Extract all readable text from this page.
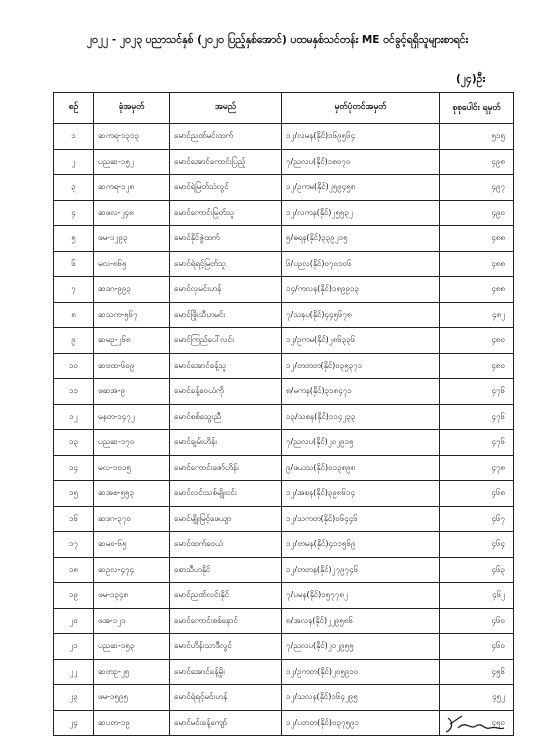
၂၀၂၂ - ၂၀၂၃ ပညာသင်နှစ် (၂၀၂၀ ပြည့်နှစ်အောင်) ပထမနှစ်သင်တန်း ME ဝင်ခွင့်ရရှိသူများစာရင်း
(၂၄)ဦး
စဉ်	ခုံအမှတ်	အမည်	မှတ်ပုံတင်အမှတ်	စုစုပေါင်း ရမှတ်
၁	ဆကရ-၁၃၁၃	မောင်ညဏ်မင်းထက်	၁၂/လမန(နိုင်)၁၆၉၅၆၄	၅၁၅
၂	ပညဆ-၁၅၂	မောင်အောင်ကောင်းပြည့်	၇/ညလပ(နိုင်)၁၈၀၇၀	၄၉၈
၃	ဆကရ-၁၂၈	မောင်ရဲမြတ်သံလွင်	၁၂/ဥကမ(နိုင်)၂၅၉၄၅၈	၄၉၇
၄	ဆဖလ-၂၄၈	မောင်ကောင်းမြတ်သူ	၁၂/လကန(နိုင်)၂၅၅၃၂	၄၉၀
၅	ဖမ-၁၂၉၃	မောင်နိုင်ဇွဲထက်	၅/ဓရန(နိုင်)၃၃၉၂၁၅	၄၈၈
၆	မလ-၈၆၅	မောင်ရဲရင့်မြတ်သူ	၆/ပဉလ(နိုင်)၀၇၀၁၀၆	၄၈၈
၇	ဆဒဂ-၉၉၃	မောင်လှမင်းဟန်	၁၄/ကလန(နိုင်)၁၈၉၉၁၃	၄၈၈
၈	ဆသက-၅၆၇	မောင်ဖြိုးသီဟမင်း	၇/သနပ(နိုင်)၄၄၅၆၇၈	၄၈၂
၉	ဆမဉ-၂၆၈	မောင်ကြည်ပေါ်လင်း	၁၂/ဥကမ(နိုင်)၂၈၆၃၃၆	၄၈၀
၁၀	ဆဗထ-၆၀၉	မောင်အောင်ခန့်သူ	၁၂/တတတ(နိုင်)၀၃၅၃၇၁	၄၈၀
၁၁	ဖဆအ-၉	မောင်ခန့်ဝေယံကို	၈/မကန(နိုင်)၃၁၈၄၇၁	၄၇၆
၁၂	မနတ-၁၄၇၂	မောင်စစ်သွေးညီ	၁၃/သစန(နိုင်)၁၁၄၂၃၃	၄၇၆
၁၃	ပညဆ-၁၇၀	မောင်ချမ်းဟိန်း	၇/ညလပ(နိုင်)၂၀၂၉၁၅	၄၇၆
၁၄	မလ-၁၀၁၅	မောင်ကောင်းဇော်ဟိန်း	၉/ဖယသ(နိုင်)၀၁၃၈၉၈	၄၇၈
၁၅	ဆအစ-၅၅၃	မောင်လင်းသစ်မျိုးငင်း	၁၂/အစန(နိုင်)၃၉၈၆၁၄	၄၆၈
၁၆	ဆဒဂ-၃၇၀	မောင်မျိုးမြင့်ဖေယျာ	၁၂/သကတ(နိုင်)၀၆၄၄၆	၄၆၇
၁၇	ဆမဝ-၆၅	မောင်ထက်ဝေယံ	၁၂/တမန(နိုင်)၄၁၁၅၆၉	၄၆၄
၁၈	ဆဥလ-၄၇၄	စောသီဟနိုင်	၁၂/တတန(နိုင်)၂၇၉၇၄၆	၄၆၃
၁၉	ဖမ-၁၃၄၈	မောင်ညဏ်လင်းနိုင်	၇/ပမန(နိုင်)၁၅၇၇၈၂	၄၆၂
၂၀	ဖအ-၁၂၁	မောင်ကောင်းစစ်နောင်	၈/အလန(နိုင်)၂၂၉၅၈၆	၄၆၀
၂၁	ပညဆ-၁၅၃	မောင်ဟိန်းသာဒီလွင်	၇/ညလပ(နိုင်)၂၀၂၉၅၅	၄၆၀
၂၂	ဆတဥ-၂၅	မောင်အောင်ခန့်မှိုး	၁၂/ဥကတ(နိုင်)၂၀၅၉၁၀	၄၅၆
၂၃	ဖမ-၁၅၉၅	မောင်ရဲရင့်မင်းဟန်	၁၂/သလန(နိုင်)၁၆၄၂၉၅	၄၅၂
၂၄	ဆပတ-၁၉	မောင်မင်းခန့်ကျော်	၁၂/ပဘတ(နိုင်)၀၃၇၅၉၁	၄၅၀
